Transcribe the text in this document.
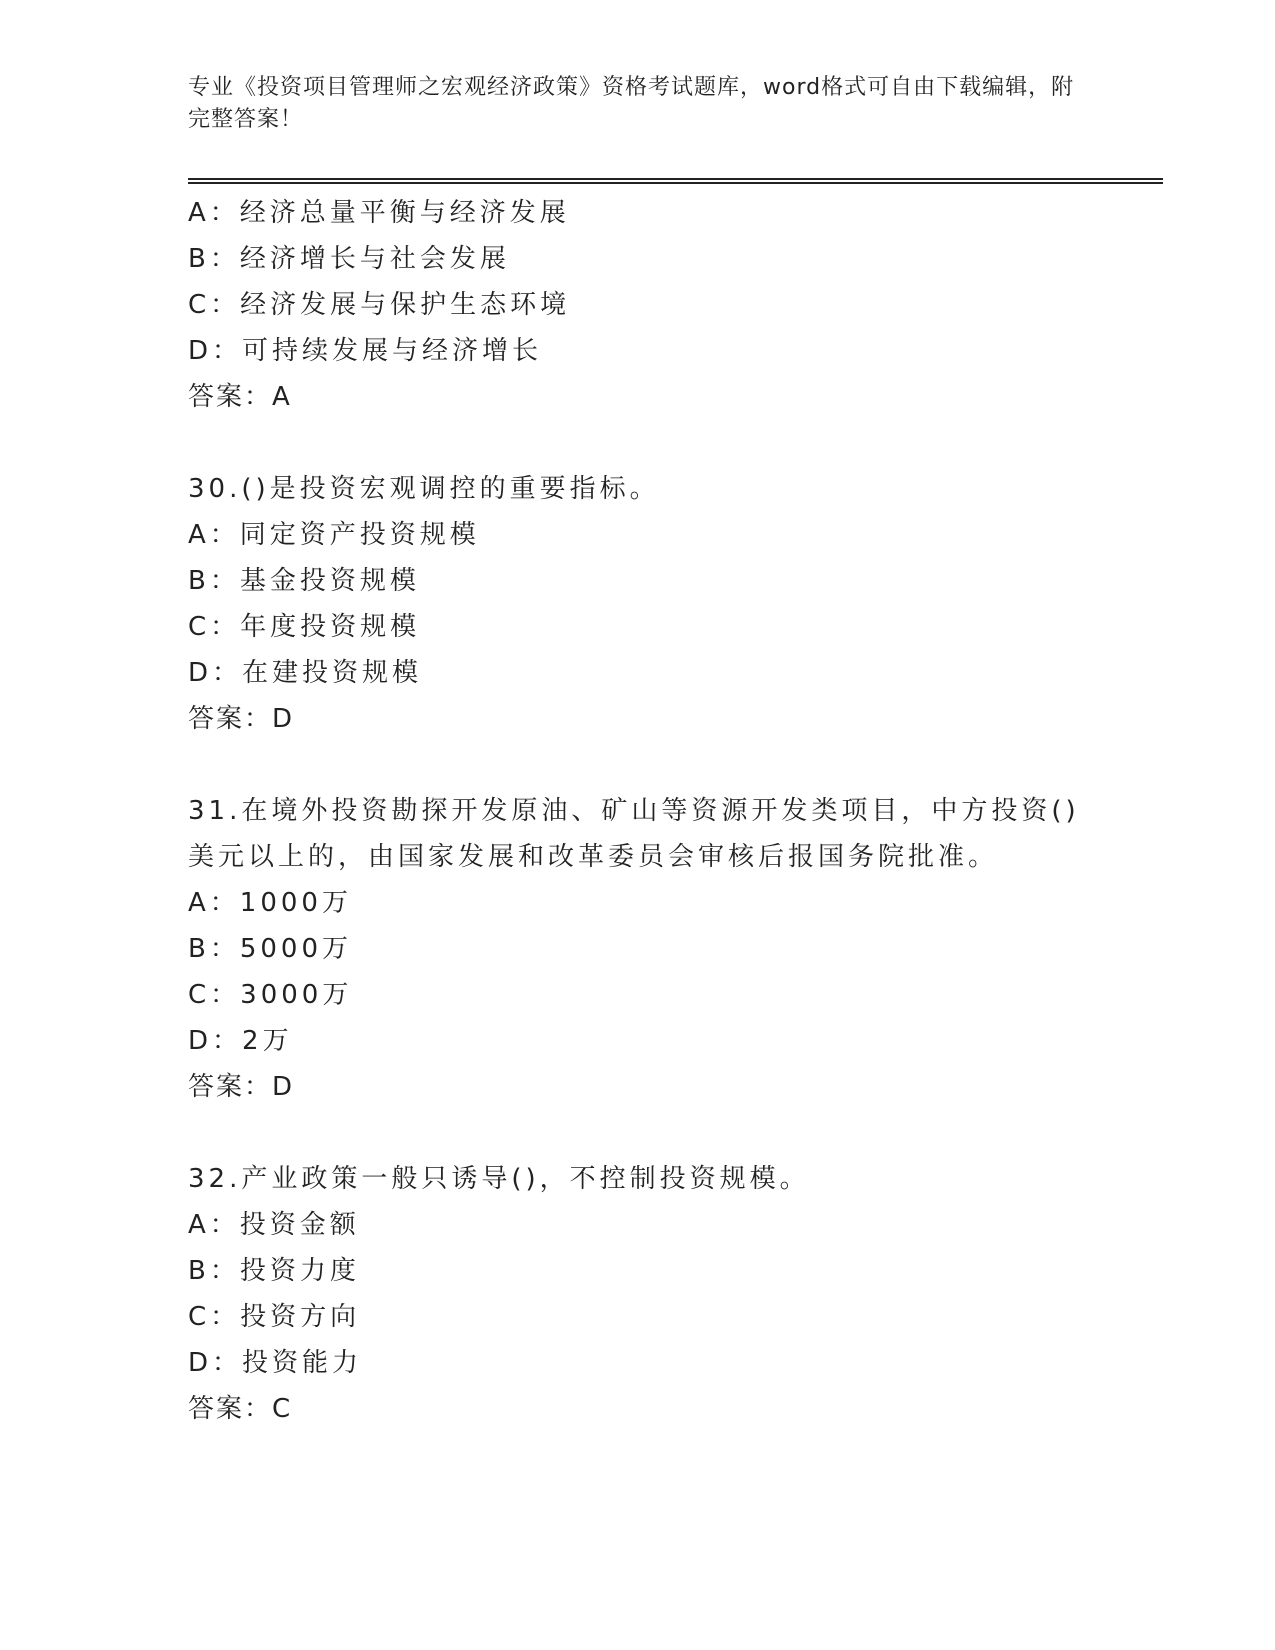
专业《投资项目管理师之宏观经济政策》资格考试题库，word格式可自由下载编辑，附完整答案！
A：经济总量平衡与经济发展
B：经济增长与社会发展
C：经济发展与保护生态环境
D：可持续发展与经济增长
答案：A
30.()是投资宏观调控的重要指标。
A：同定资产投资规模
B：基金投资规模
C：年度投资规模
D：在建投资规模
答案：D
31.在境外投资勘探开发原油、矿山等资源开发类项目，中方投资()美元以上的，由国家发展和改革委员会审核后报国务院批准。
A：1000万
B：5000万
C：3000万
D：2万
答案：D
32.产业政策一般只诱导()，不控制投资规模。
A：投资金额
B：投资力度
C：投资方向
D：投资能力
答案：C
